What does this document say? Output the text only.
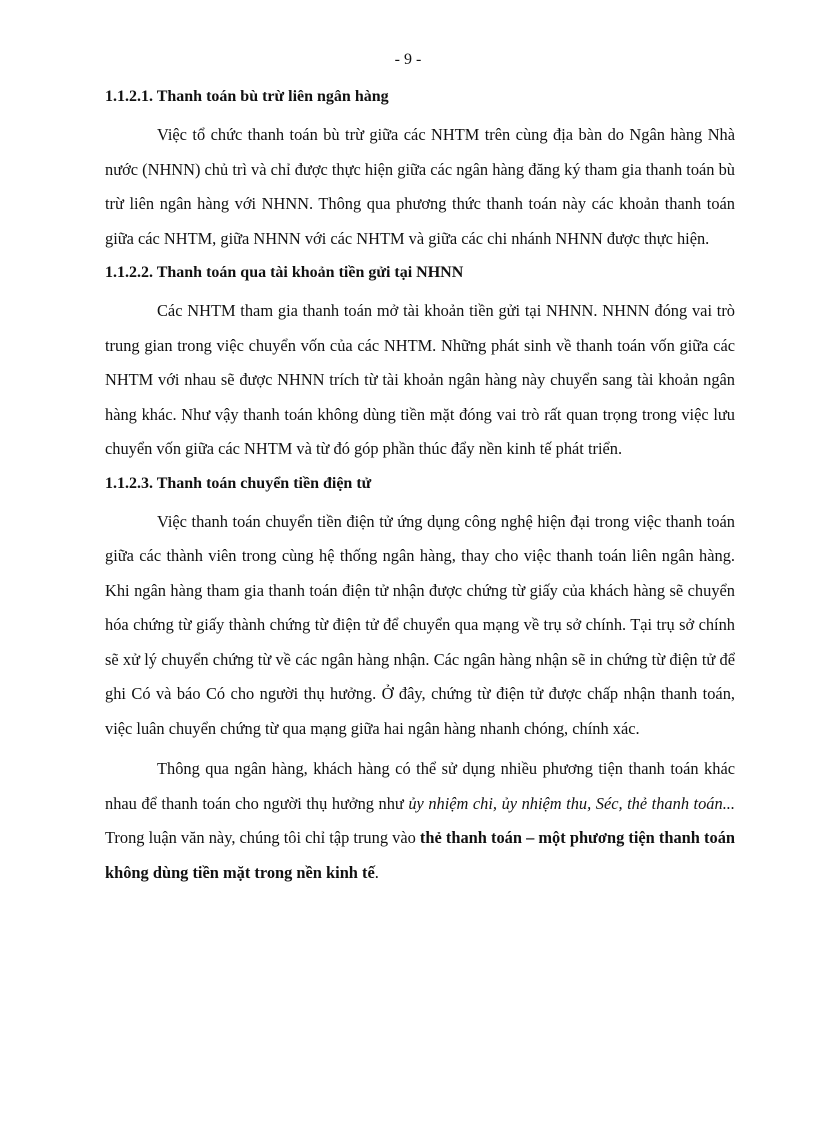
- 9 -
1.1.2.1. Thanh toán bù trừ liên ngân hàng

Việc tổ chức thanh toán bù trừ giữa các NHTM trên cùng địa bàn do Ngân hàng Nhà nước (NHNN) chủ trì và chỉ được thực hiện giữa các ngân hàng đăng ký tham gia thanh toán bù trừ liên ngân hàng với NHNN. Thông qua phương thức thanh toán này các khoản thanh toán giữa các NHTM, giữa NHNN với các NHTM và giữa các chi nhánh NHNN được thực hiện.

1.1.2.2. Thanh toán qua tài khoản tiền gửi tại NHNN

Các NHTM tham gia thanh toán mở tài khoản tiền gửi tại NHNN. NHNN đóng vai trò trung gian trong việc chuyển vốn của các NHTM. Những phát sinh về thanh toán vốn giữa các NHTM với nhau sẽ được NHNN trích từ tài khoản ngân hàng này chuyển sang tài khoản ngân hàng khác. Như vậy thanh toán không dùng tiền mặt đóng vai trò rất quan trọng trong việc lưu chuyển vốn giữa các NHTM và từ đó góp phần thúc đẩy nền kinh tế phát triển.

1.1.2.3. Thanh toán chuyển tiền điện tử

Việc thanh toán chuyển tiền điện tử ứng dụng công nghệ hiện đại trong việc thanh toán giữa các thành viên trong cùng hệ thống ngân hàng, thay cho việc thanh toán liên ngân hàng. Khi ngân hàng tham gia thanh toán điện tử nhận được chứng từ giấy của khách hàng sẽ chuyển hóa chứng từ giấy thành chứng từ điện tử để chuyển qua mạng về trụ sở chính. Tại trụ sở chính sẽ xử lý chuyển chứng từ về các ngân hàng nhận. Các ngân hàng nhận sẽ in chứng từ điện tử để ghi Có và báo Có cho người thụ hưởng. Ở đây, chứng từ điện tử được chấp nhận thanh toán, việc luân chuyển chứng từ qua mạng giữa hai ngân hàng nhanh chóng, chính xác.

Thông qua ngân hàng, khách hàng có thể sử dụng nhiều phương tiện thanh toán khác nhau để thanh toán cho người thụ hưởng như ủy nhiệm chi, ủy nhiệm thu, Séc, thẻ thanh toán... Trong luận văn này, chúng tôi chỉ tập trung vào thẻ thanh toán – một phương tiện thanh toán không dùng tiền mặt trong nền kinh tế.
